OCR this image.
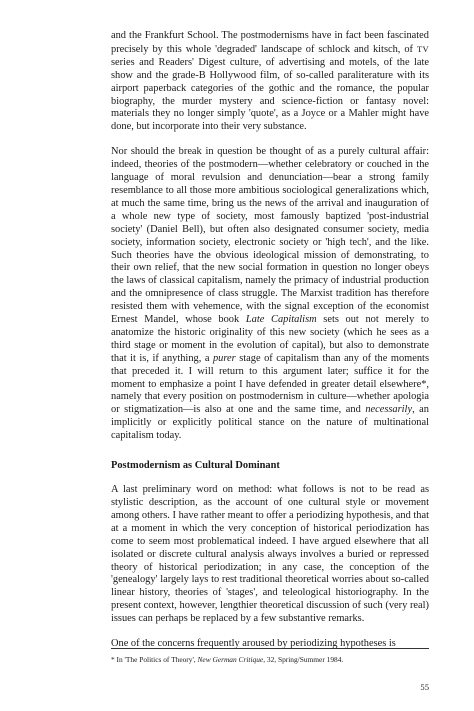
and the Frankfurt School. The postmodernisms have in fact been fascinated precisely by this whole 'degraded' landscape of schlock and kitsch, of TV series and Readers' Digest culture, of advertising and motels, of the late show and the grade-B Hollywood film, of so-called paraliterature with its airport paperback categories of the gothic and the romance, the popular biography, the murder mystery and science-fiction or fantasy novel: materials they no longer simply 'quote', as a Joyce or a Mahler might have done, but incorporate into their very substance.

Nor should the break in question be thought of as a purely cultural affair: indeed, theories of the postmodern—whether celebratory or couched in the language of moral revulsion and denunciation—bear a strong family resemblance to all those more ambitious sociological generalizations which, at much the same time, bring us the news of the arrival and inauguration of a whole new type of society, most famously baptized 'post-industrial society' (Daniel Bell), but often also designated consumer society, media society, information society, electronic society or 'high tech', and the like. Such theories have the obvious ideological mission of demonstrating, to their own relief, that the new social formation in question no longer obeys the laws of classical capitalism, namely the primacy of industrial production and the omnipresence of class struggle. The Marxist tradition has therefore resisted them with vehemence, with the signal exception of the economist Ernest Mandel, whose book Late Capitalism sets out not merely to anatomize the historic originality of this new society (which he sees as a third stage or moment in the evolution of capital), but also to demonstrate that it is, if anything, a purer stage of capitalism than any of the moments that preceded it. I will return to this argument later; suffice it for the moment to emphasize a point I have defended in greater detail elsewhere*, namely that every position on postmodernism in culture—whether apologia or stigmatization—is also at one and the same time, and necessarily, an implicitly or explicitly political stance on the nature of multinational capitalism today.

Postmodernism as Cultural Dominant

A last preliminary word on method: what follows is not to be read as stylistic description, as the account of one cultural style or movement among others. I have rather meant to offer a periodizing hypothesis, and that at a moment in which the very conception of historical periodization has come to seem most problematical indeed. I have argued elsewhere that all isolated or discrete cultural analysis always involves a buried or repressed theory of historical periodization; in any case, the conception of the 'genealogy' largely lays to rest traditional theoretical worries about so-called linear history, theories of 'stages', and teleological historiography. In the present context, however, lengthier theoretical discussion of such (very real) issues can perhaps be replaced by a few substantive remarks.

One of the concerns frequently aroused by periodizing hypotheses is

* In 'The Politics of Theory', New German Critique, 32, Spring/Summer 1984.

55
